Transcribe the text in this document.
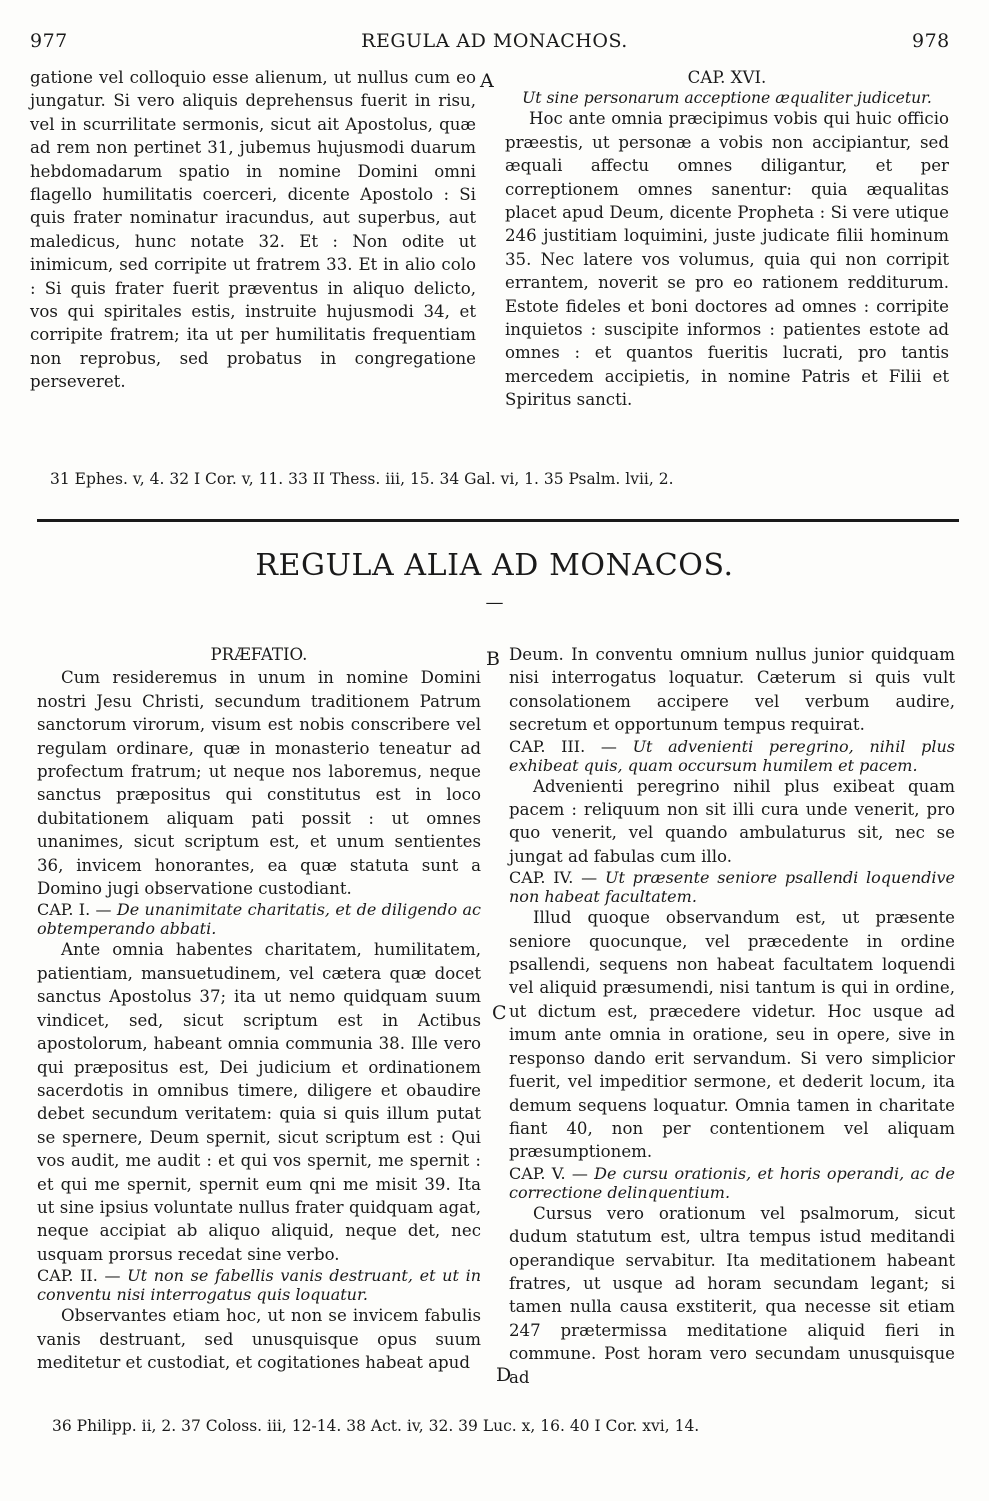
977	REGULA AD MONACHOS.	978

gatione vel colloquio esse alienum, ut nullus cum eo jungatur. Si vero aliquis deprehensus fuerit in risu, vel in scurrilitate sermonis, sicut ait Apostolus, quæ ad rem non pertinet 31, jubemus hujusmodi duarum hebdomadarum spatio in nomine Domini omni flagello humilitatis coerceri, dicente Apostolo : Si quis frater nominatur iracundus, aut superbus, aut maledicus, hunc notate 32. Et : Non odite ut inimicum, sed corripite ut fratrem 33. Et in alio colo : Si quis frater fuerit præventus in aliquo delicto, vos qui spiritales estis, instruite hujusmodi 34, et corripite fratrem; ita ut per humilitatis frequentiam non reprobus, sed probatus in congregatione perseveret.

A	CAP. XVI.

Ut sine personarum acceptione æqualiter judicetur.

Hoc ante omnia præcipimus vobis qui huic officio præestis, ut personæ a vobis non accipiantur, sed æquali affectu omnes diligantur, et per correptionem omnes sanentur: quia æqualitas placet apud Deum, dicente Propheta : Si vere utique 246 justitiam loquimini, juste judicate filii hominum 35. Nec latere vos volumus, quia qui non corripit errantem, noverit se pro eo rationem redditurum. Estote fideles et boni doctores ad omnes : corripite inquietos : suscipite informos : patientes estote ad omnes : et quantos fueritis lucrati, pro tantis mercedem accipietis, in nomine Patris et Filii et Spiritus sancti.

31 Ephes. v, 4. 32 I Cor. v, 11. 33 II Thess. iii, 15. 34 Gal. vi, 1. 35 Psalm. lvii, 2.
REGULA ALIA AD MONACOS.
—

PRÆFATIO.

Cum resideremus in unum in nomine Domini nostri Jesu Christi, secundum traditionem Patrum sanctorum virorum, visum est nobis conscribere vel regulam ordinare, quæ in monasterio teneatur ad profectum fratrum; ut neque nos laboremus, neque sanctus præpositus qui constitutus est in loco dubitationem aliquam pati possit : ut omnes unanimes, sicut scriptum est, et unum sentientes 36, invicem honorantes, ea quæ statuta sunt a Domino jugi observatione custodiant.

CAP. I. — De unanimitate charitatis, et de diligendo ac obtemperando abbati.

Ante omnia habentes charitatem, humilitatem, patientiam, mansuetudinem, vel cætera quæ docet sanctus Apostolus 37; ita ut nemo quidquam suum vindicet, sed, sicut scriptum est in Actibus apostolorum, habeant omnia communia 38. Ille vero qui præpositus est, Dei judicium et ordinationem sacerdotis in omnibus timere, diligere et obaudire debet secundum veritatem: quia si quis illum putat se spernere, Deum spernit, sicut scriptum est : Qui vos audit, me audit : et qui vos spernit, me spernit : et qui me spernit, spernit eum qni me misit 39. Ita ut sine ipsius voluntate nullus frater quidquam agat, neque accipiat ab aliquo aliquid, neque det, nec usquam prorsus recedat sine verbo.

CAP. II. — Ut non se fabellis vanis destruant, et ut in conventu nisi interrogatus quis loquatur.

Observantes etiam hoc, ut non se invicem fabulis vanis destruant, sed unusquisque opus suum meditetur et custodiat, et cogitationes habeat apud

B
C
D

Deum. In conventu omnium nullus junior quidquam nisi interrogatus loquatur. Cæterum si quis vult consolationem accipere vel verbum audire, secretum et opportunum tempus requirat.

CAP. III. — Ut advenienti peregrino, nihil plus exhibeat quis, quam occursum humilem et pacem.

Advenienti peregrino nihil plus exibeat quam pacem : reliquum non sit illi cura unde venerit, pro quo venerit, vel quando ambulaturus sit, nec se jungat ad fabulas cum illo.

CAP. IV. — Ut præsente seniore psallendi loquendive non habeat facultatem.

Illud quoque observandum est, ut præsente seniore quocunque, vel præcedente in ordine psallendi, sequens non habeat facultatem loquendi vel aliquid præsumendi, nisi tantum is qui in ordine, ut dictum est, præcedere videtur. Hoc usque ad imum ante omnia in oratione, seu in opere, sive in responso dando erit servandum. Si vero simplicior fuerit, vel impeditior sermone, et dederit locum, ita demum sequens loquatur. Omnia tamen in charitate fiant 40, non per contentionem vel aliquam præsumptionem.

CAP. V. — De cursu orationis, et horis operandi, ac de correctione delinquentium.

Cursus vero orationum vel psalmorum, sicut dudum statutum est, ultra tempus istud meditandi operandique servabitur. Ita meditationem habeant fratres, ut usque ad horam secundam legant; si tamen nulla causa exstiterit, qua necesse sit etiam 247 prætermissa meditatione aliquid fieri in commune. Post horam vero secundam unusquisque ad

36 Philipp. ii, 2. 37 Coloss. iii, 12-14. 38 Act. iv, 32. 39 Luc. x, 16. 40 I Cor. xvi, 14.
